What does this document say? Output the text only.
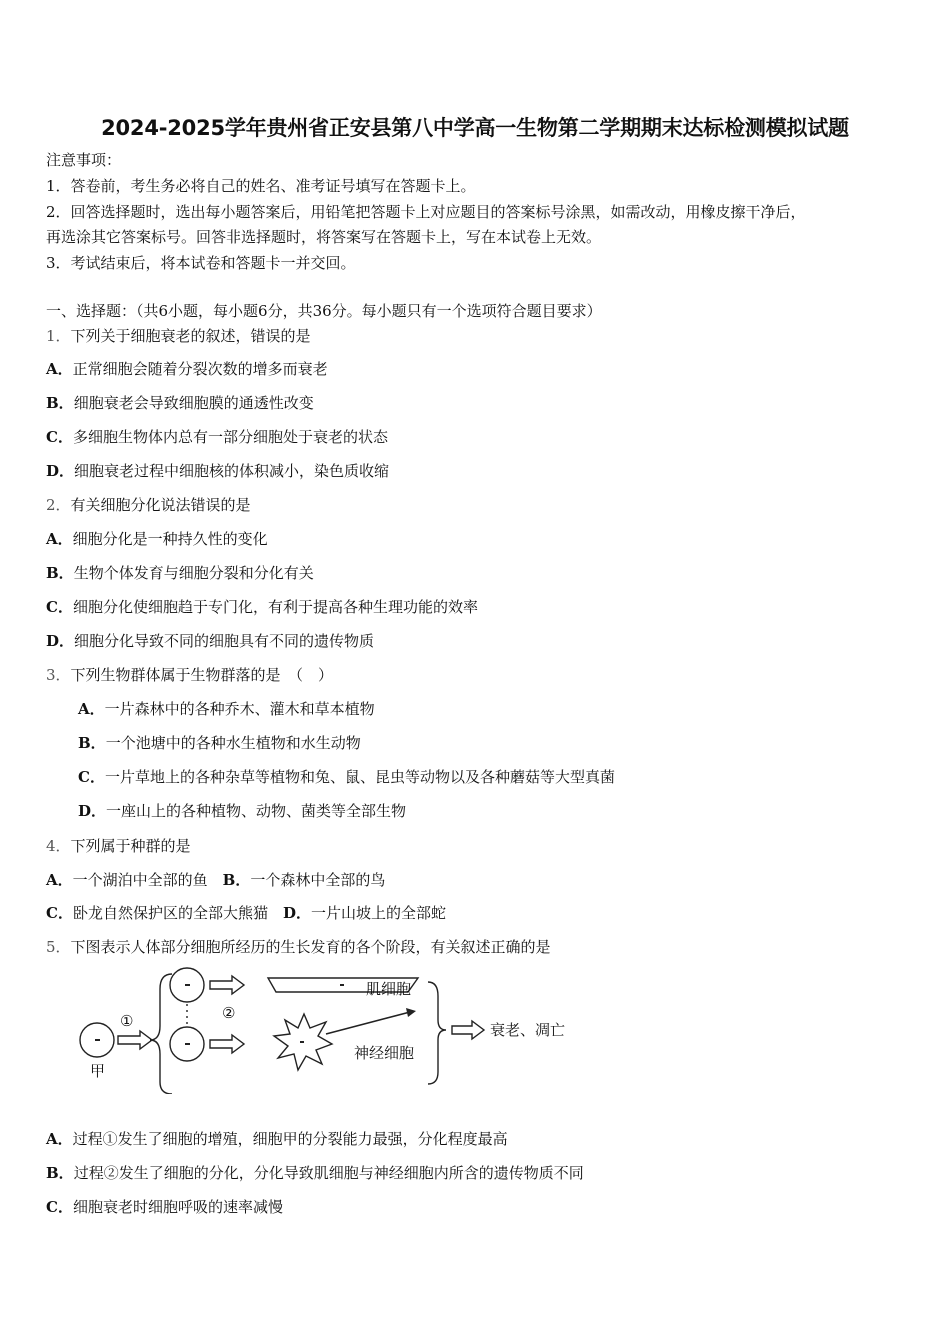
2024-2025学年贵州省正安县第八中学高一生物第二学期期末达标检测模拟试题
注意事项：
1．答卷前，考生务必将自己的姓名、准考证号填写在答题卡上。
2．回答选择题时，选出每小题答案后，用铅笔把答题卡上对应题目的答案标号涂黑，如需改动，用橡皮擦干净后，
再选涂其它答案标号。回答非选择题时，将答案写在答题卡上，写在本试卷上无效。
3．考试结束后，将本试卷和答题卡一并交回。
一、选择题：（共6小题，每小题6分，共36分。每小题只有一个选项符合题目要求）
1．下列关于细胞衰老的叙述，错误的是
A．正常细胞会随着分裂次数的增多而衰老
B．细胞衰老会导致细胞膜的通透性改变
C．多细胞生物体内总有一部分细胞处于衰老的状态
D．细胞衰老过程中细胞核的体积减小，染色质收缩
2．有关细胞分化说法错误的是
A．细胞分化是一种持久性的变化
B．生物个体发育与细胞分裂和分化有关
C．细胞分化使细胞趋于专门化，有利于提高各种生理功能的效率
D．细胞分化导致不同的细胞具有不同的遗传物质
3．下列生物群体属于生物群落的是　（　）
A．一片森林中的各种乔木、灌木和草本植物
B．一个池塘中的各种水生植物和水生动物
C．一片草地上的各种杂草等植物和兔、鼠、昆虫等动物以及各种蘑菇等大型真菌
D．一座山上的各种植物、动物、菌类等全部生物
4．下列属于种群的是
A．一个湖泊中全部的鱼　B．一个森林中全部的鸟
C．卧龙自然保护区的全部大熊猫　D．一片山坡上的全部蛇
5．下图表示人体部分细胞所经历的生长发育的各个阶段，有关叙述正确的是
①	②
甲
肌细胞
神经细胞
衰老、凋亡
A．过程①发生了细胞的增殖，细胞甲的分裂能力最强，分化程度最高
B．过程②发生了细胞的分化，分化导致肌细胞与神经细胞内所含的遗传物质不同
C．细胞衰老时细胞呼吸的速率减慢
